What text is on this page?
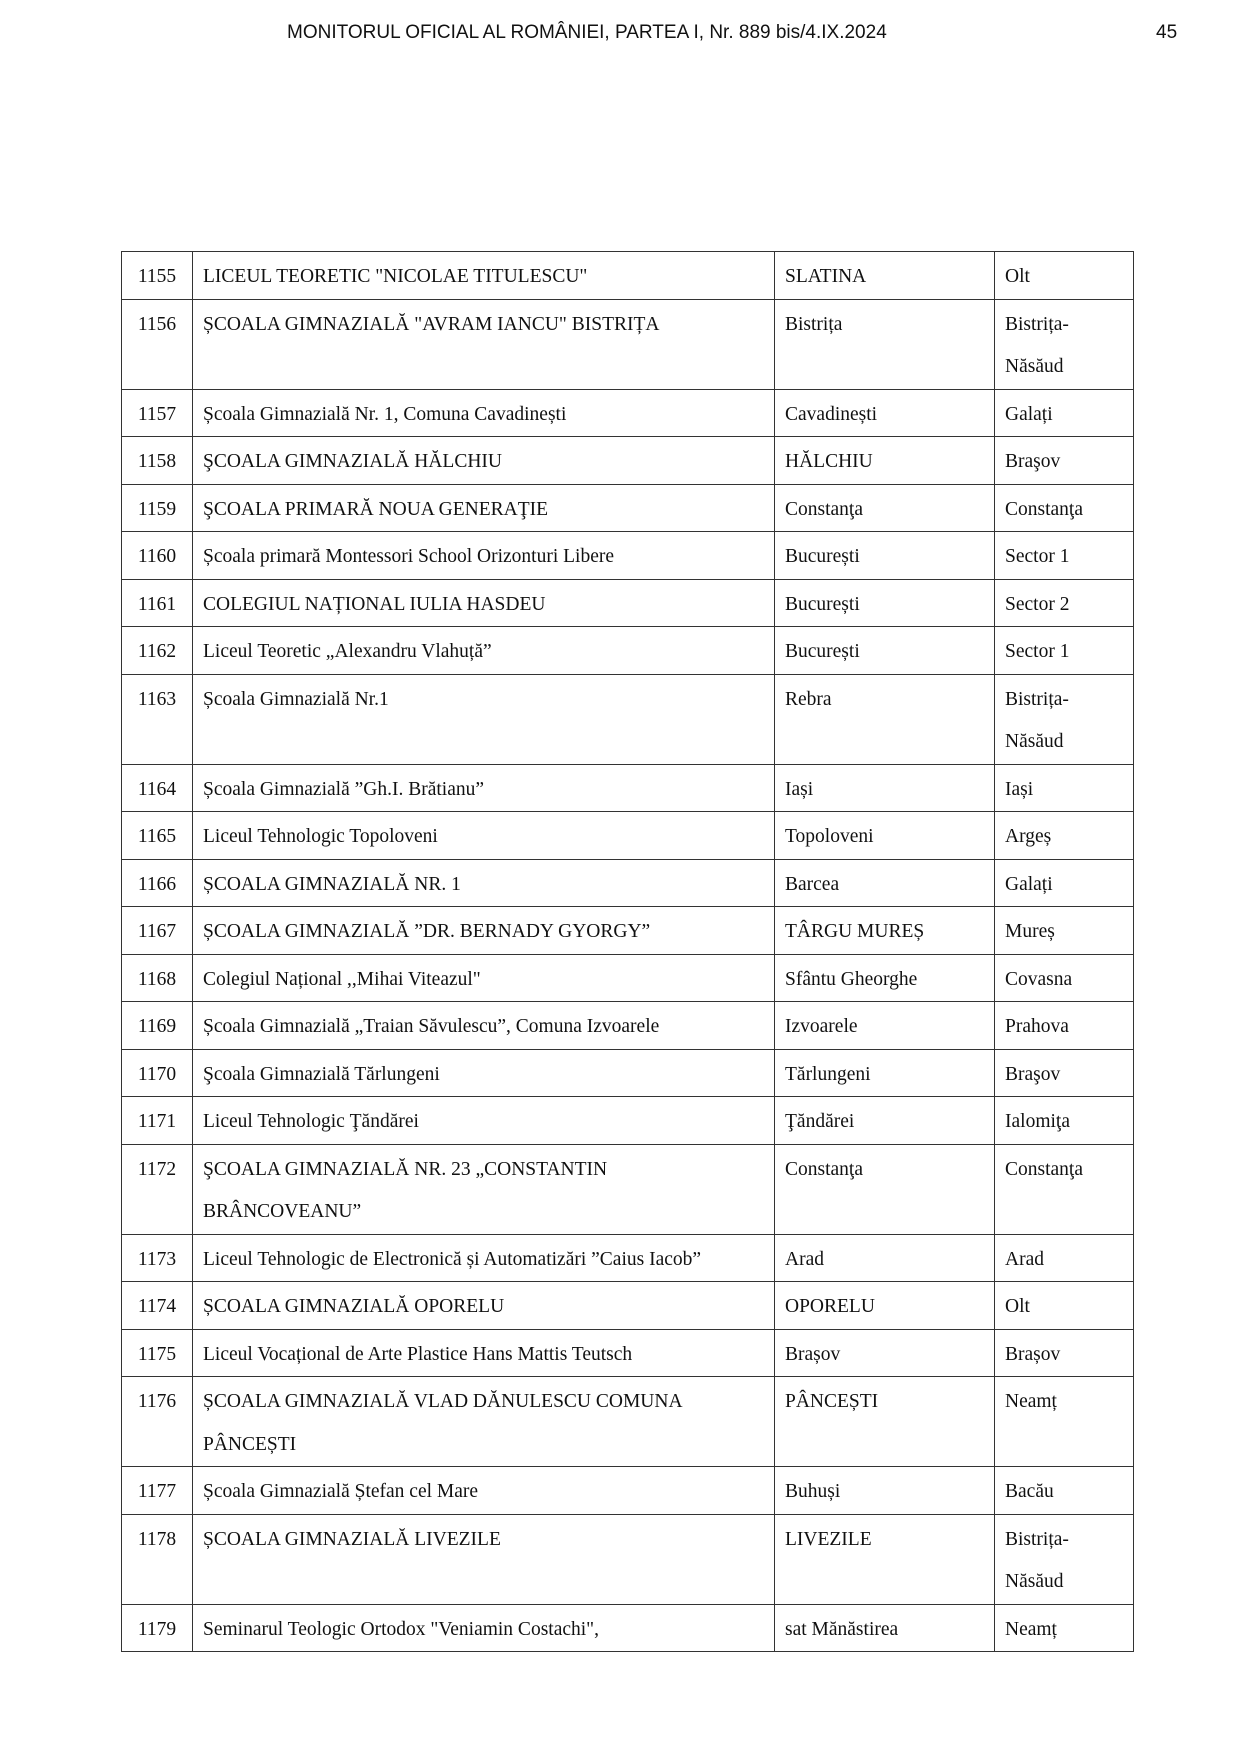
MONITORUL OFICIAL AL ROMÂNIEI, PARTEA I, Nr. 889 bis/4.IX.2024	45
1155	LICEUL TEORETIC "NICOLAE TITULESCU"	SLATINA	Olt
1156	ȘCOALA GIMNAZIALĂ "AVRAM IANCU" BISTRIȚA	Bistrița	Bistrița-Năsăud
1157	Școala Gimnazială Nr. 1, Comuna Cavadinești	Cavadinești	Galați
1158	ŞCOALA GIMNAZIALĂ HĂLCHIU	HĂLCHIU	Braşov
1159	ŞCOALA PRIMARĂ NOUA GENERAŢIE	Constanţa	Constanţa
1160	Școala primară Montessori School Orizonturi Libere	București	Sector 1
1161	COLEGIUL NAȚIONAL IULIA HASDEU	București	Sector 2
1162	Liceul Teoretic „Alexandru Vlahuță”	București	Sector 1
1163	Școala Gimnazială Nr.1	Rebra	Bistrița-Năsăud
1164	Școala Gimnazială ”Gh.I. Brătianu”	Iași	Iași
1165	Liceul Tehnologic Topoloveni	Topoloveni	Argeș
1166	ȘCOALA GIMNAZIALĂ NR. 1	Barcea	Galați
1167	ȘCOALA GIMNAZIALĂ ”DR. BERNADY GYORGY”	TÂRGU MUREȘ	Mureș
1168	Colegiul Național ,,Mihai Viteazul"	Sfântu Gheorghe	Covasna
1169	Școala Gimnazială „Traian Săvulescu”, Comuna Izvoarele	Izvoarele	Prahova
1170	Şcoala Gimnazială Tărlungeni	Tărlungeni	Braşov
1171	Liceul Tehnologic Ţăndărei	Ţăndărei	Ialomiţa
1172	ŞCOALA GIMNAZIALĂ NR. 23 „CONSTANTIN BRÂNCOVEANU”	Constanţa	Constanţa
1173	Liceul Tehnologic de Electronică și Automatizări ”Caius Iacob”	Arad	Arad
1174	ȘCOALA GIMNAZIALĂ OPORELU	OPORELU	Olt
1175	Liceul Vocațional de Arte Plastice Hans Mattis Teutsch	Brașov	Brașov
1176	ȘCOALA GIMNAZIALĂ VLAD DĂNULESCU COMUNA PÂNCEȘTI	PÂNCEȘTI	Neamț
1177	Școala Gimnazială Ștefan cel Mare	Buhuși	Bacău
1178	ȘCOALA GIMNAZIALĂ LIVEZILE	LIVEZILE	Bistrița-Năsăud
1179	Seminarul Teologic Ortodox "Veniamin Costachi",	sat Mănăstirea	Neamț
